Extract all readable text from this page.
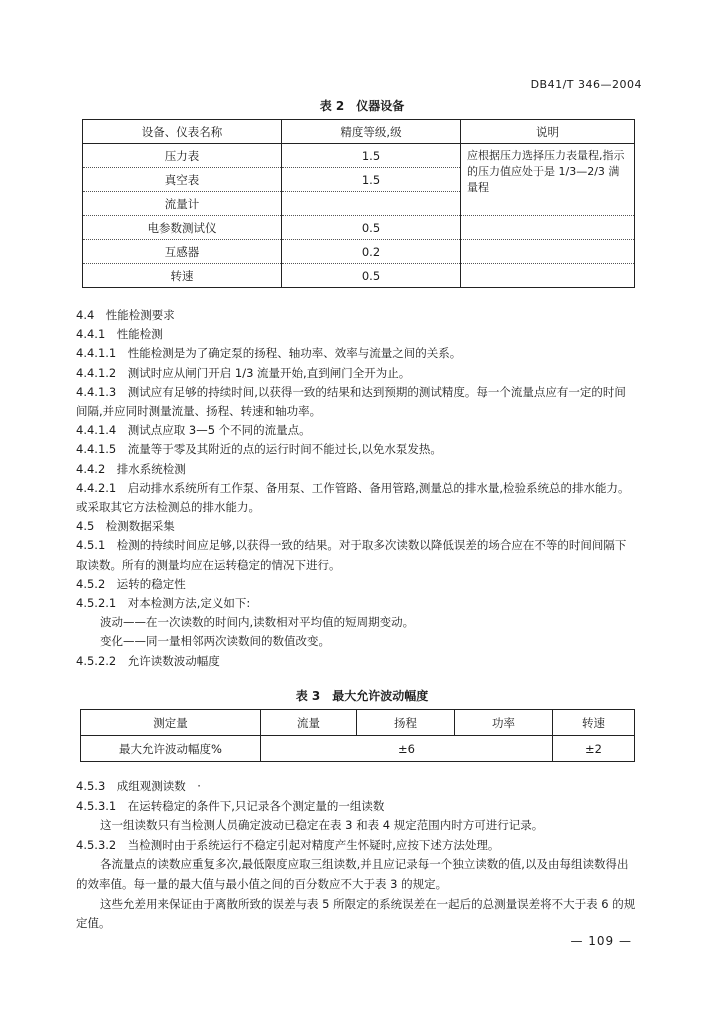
DB41/T 346—2004
表 2　仪器设备
设备、仪表名称	精度等级,级	说明
压力表	1.5	应根据压力选择压力表量程,指示的压力值应处于是 1/3—2/3 满量程
真空表	1.5	
流量计		
电参数测试仪	0.5	
互感器	0.2	
转速	0.5	

4.4　性能检测要求

4.4.1　性能检测

4.4.1.1　性能检测是为了确定泵的扬程、轴功率、效率与流量之间的关系。

4.4.1.2　测试时应从闸门开启 1/3 流量开始,直到闸门全开为止。

4.4.1.3　测试应有足够的持续时间,以获得一致的结果和达到预期的测试精度。每一个流量点应有一定的时间间隔,并应同时测量流量、扬程、转速和轴功率。

4.4.1.4　测试点应取 3—5 个不同的流量点。

4.4.1.5　流量等于零及其附近的点的运行时间不能过长,以免水泵发热。

4.4.2　排水系统检测

4.4.2.1　启动排水系统所有工作泵、备用泵、工作管路、备用管路,测量总的排水量,检验系统总的排水能力。或采取其它方法检测总的排水能力。

4.5　检测数据采集

4.5.1　检测的持续时间应足够,以获得一致的结果。对于取多次读数以降低误差的场合应在不等的时间间隔下取读数。所有的测量均应在运转稳定的情况下进行。

4.5.2　运转的稳定性

4.5.2.1　对本检测方法,定义如下:

波动——在一次读数的时间内,读数相对平均值的短周期变动。

变化——同一量相邻两次读数间的数值改变。

4.5.2.2　允许读数波动幅度

表 3　最大允许波动幅度
测定量	流量	扬程	功率	转速
最大允许波动幅度%	±6			±2

4.5.3　成组观测读数　·

4.5.3.1　在运转稳定的条件下,只记录各个测定量的一组读数

这一组读数只有当检测人员确定波动已稳定在表 3 和表 4 规定范围内时方可进行记录。

4.5.3.2　当检测时由于系统运行不稳定引起对精度产生怀疑时,应按下述方法处理。

各流量点的读数应重复多次,最低限度应取三组读数,并且应记录每一个独立读数的值,以及由每组读数得出的效率值。每一量的最大值与最小值之间的百分数应不大于表 3 的规定。

这些允差用来保证由于离散所致的误差与表 5 所限定的系统误差在一起后的总测量误差将不大于表 6 的规定值。

— 109 —
